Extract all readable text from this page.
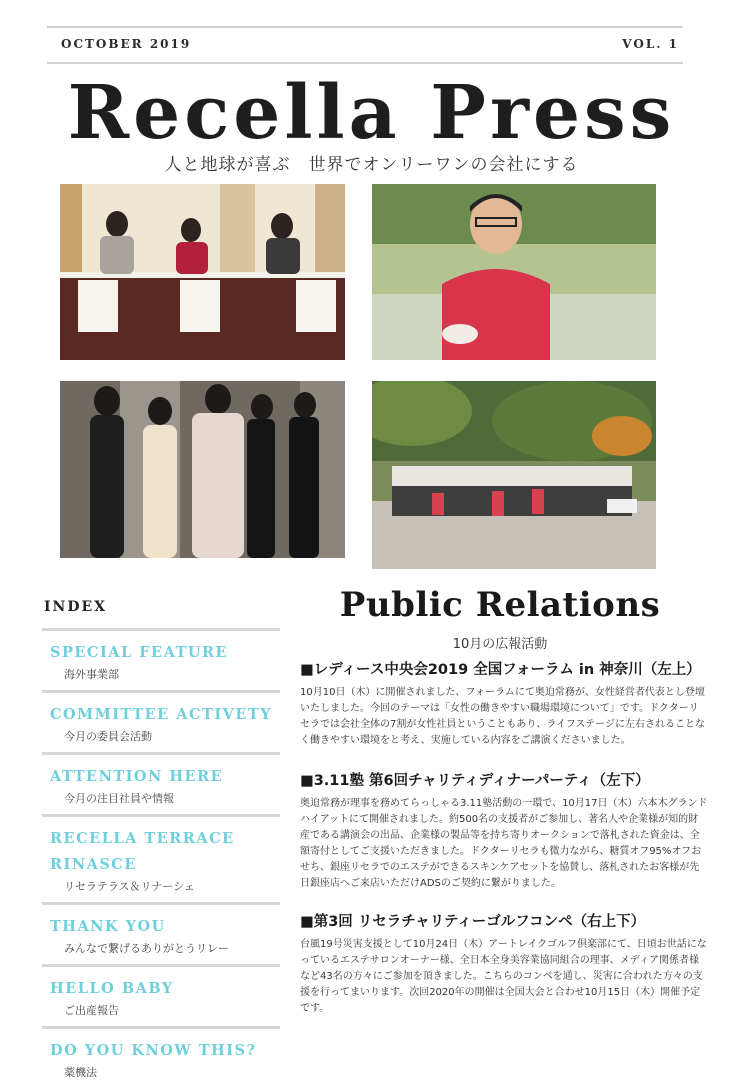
OCTOBER 2019	VOL. 1
Recella Press
人と地球が喜ぶ　世界でオンリーワンの会社にする
INDEX
SPECIAL FEATURE
海外事業部
COMMITTEE ACTIVETY
今月の委員会活動
ATTENTION HERE
今月の注目社員や情報
RECELLA TERRACE RINASCE
リセラテラス＆リナーシェ
THANK YOU
みんなで繋げるありがとうリレー
HELLO BABY
ご出産報告
DO YOU KNOW THIS?
薬機法
Public Relations
10月の広報活動
■レディース中央会2019 全国フォーラム in 神奈川（左上）

10月10日（木）に開催されました、フォーラムにて奥迫常務が、女性経営者代表とし登壇いたしました。今回のテーマは「女性の働きやすい職場環境について」です。ドクターリセラでは会社全体の7割が女性社員ということもあり、ライフステージに左右されることなく働きやすい環境をと考え、実施している内容をご講演くださいました。

■3.11塾 第6回チャリティディナーパーティ（左下）

奥迫常務が理事を務めてらっしゃる3.11塾活動の一環で、10月17日（木）六本木グランドハイアットにて開催されました。約500名の支援者がご参加し、著名人や企業様が知的財産である講演会の出品、企業様の製品等を持ち寄りオークションで落札された資金は、全額寄付としてご支援いただきました。ドクターリセラも微力ながら、糖質オフ95%オフおせち、銀座リセラでのエステができるスキンケアセットを協賛し、落札されたお客様が先日銀座店へご来店いただけADSのご契約に繋がりました。

■第3回 リセラチャリティーゴルフコンペ（右上下）

台風19号災害支援として10月24日（木）アートレイクゴルフ倶楽部にて、日頃お世話になっているエステサロンオーナー様、全日本全身美容業協同組合の理事、メディア関係者様など43名の方々にご参加を頂きました。こちらのコンペを通し、災害に合われた方々の支援を行ってまいります。次回2020年の開催は全国大会と合わせ10月15日（木）開催予定です。
